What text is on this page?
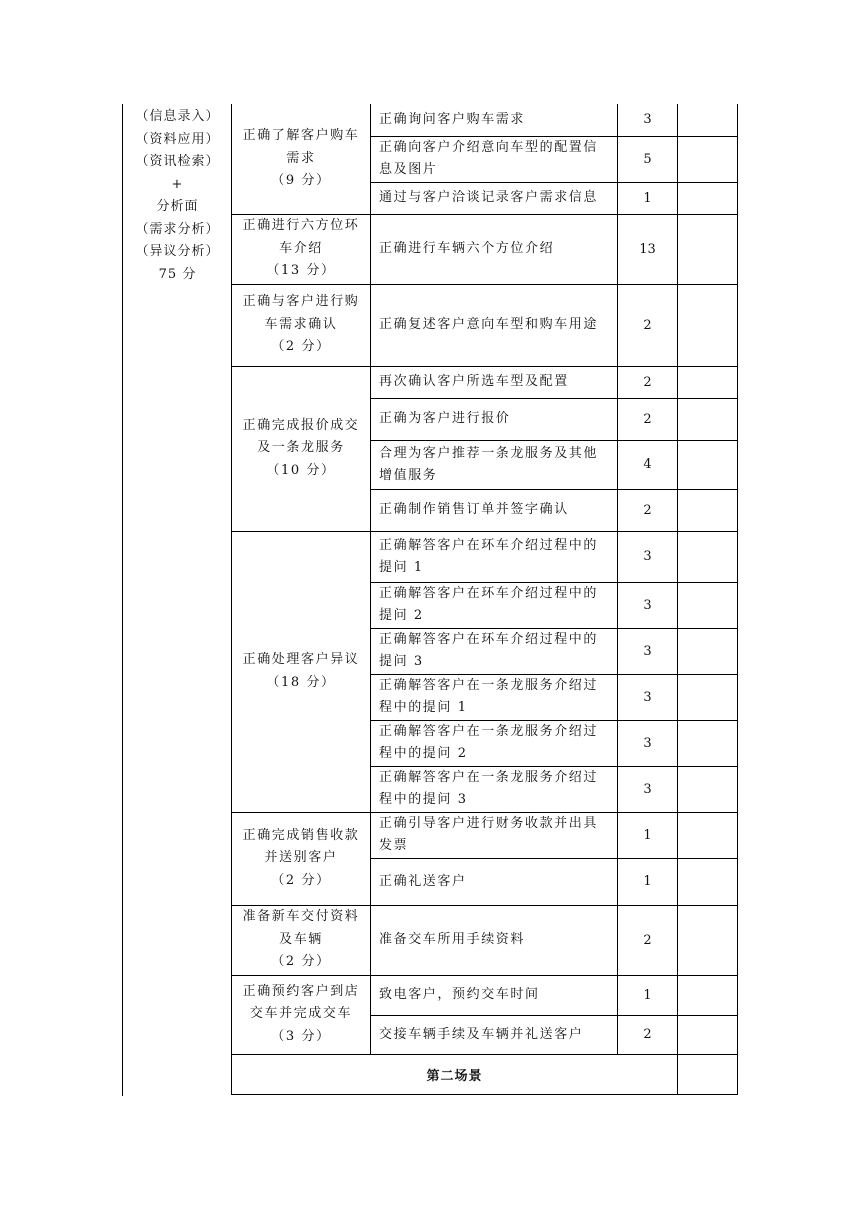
（信息录入）
（资料应用）
（资讯检索）
+
分析面
（需求分析）
（异议分析）
75 分
正确了解客户购车
需求
（9 分）	正确询问客户购车需求	3	
	正确向客户介绍意向车型的配置信息及图片	5	
	通过与客户洽谈记录客户需求信息	1	

正确进行六方位环
车介绍
（13 分）	正确进行车辆六个方位介绍	13	

正确与客户进行购
车需求确认
（2 分）	正确复述客户意向车型和购车用途	2	

正确完成报价成交
及一条龙服务
（10 分）	再次确认客户所选车型及配置	2	
	正确为客户进行报价	2	
	合理为客户推荐一条龙服务及其他增值服务	4	
	正确制作销售订单并签字确认	2	

正确处理客户异议
（18 分）	正确解答客户在环车介绍过程中的提问 1	3	
	正确解答客户在环车介绍过程中的提问 2	3	
	正确解答客户在环车介绍过程中的提问 3	3	
	正确解答客户在一条龙服务介绍过程中的提问 1	3	
	正确解答客户在一条龙服务介绍过程中的提问 2	3	
	正确解答客户在一条龙服务介绍过程中的提问 3	3	

正确完成销售收款
并送别客户
（2 分）	正确引导客户进行财务收款并出具发票	1	
	正确礼送客户	1	

准备新车交付资料
及车辆
（2 分）	准备交车所用手续资料	2	

正确预约客户到店
交车并完成交车
（3 分）	致电客户，预约交车时间	1	
	交接车辆手续及车辆并礼送客户	2	
第二场景			
